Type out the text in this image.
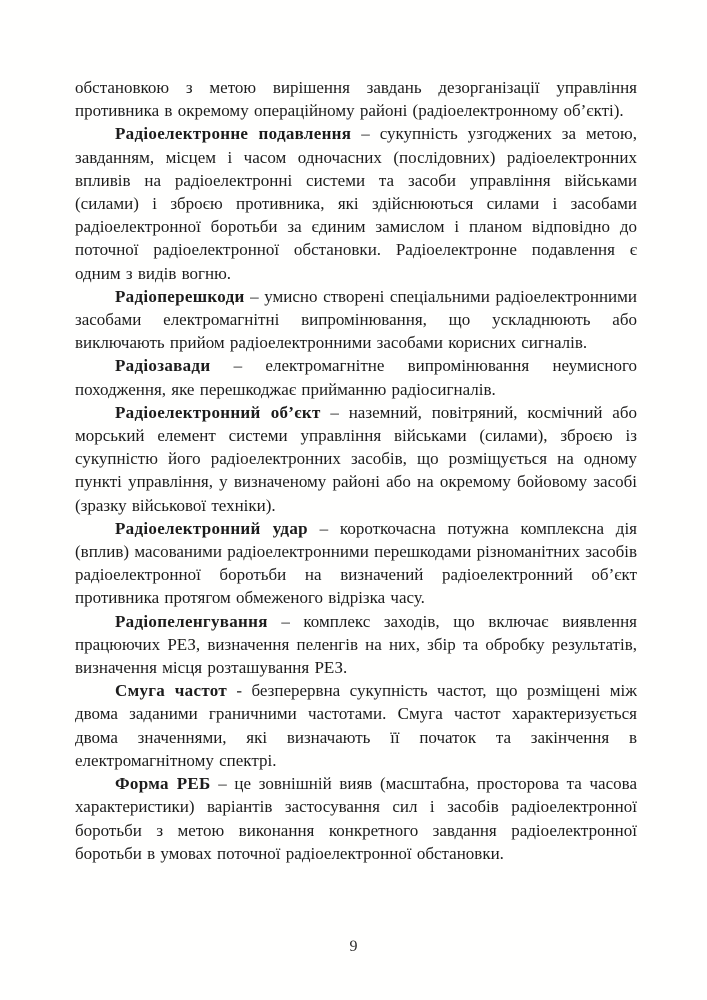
обстановкою з метою вирішення завдань дезорганізації управління противника в окремому операційному районі (радіоелектронному об’єкті).

Радіоелектронне подавлення – сукупність узгоджених за метою, завданням, місцем і часом одночасних (послідовних) радіоелектронних впливів на радіоелектронні системи та засоби управління військами (силами) і зброєю противника, які здійснюються силами і засобами радіоелектронної боротьби за єдиним замислом і планом відповідно до поточної радіоелектронної обстановки. Радіоелектронне подавлення є одним з видів вогню.

Радіоперешкоди – умисно створені спеціальними радіоелектронними засобами електромагнітні випромінювання, що ускладнюють або виключають прийом радіоелектронними засобами корисних сигналів.

Радіозавади – електромагнітне випромінювання неумисного походження, яке перешкоджає прийманню радіосигналів.

Радіоелектронний об’єкт – наземний, повітряний, космічний або морський елемент системи управління військами (силами), зброєю із сукупністю його радіоелектронних засобів, що розміщується на одному пункті управління, у визначеному районі або на окремому бойовому засобі (зразку військової техніки).

Радіоелектронний удар – короткочасна потужна комплексна дія (вплив) масованими радіоелектронними перешкодами різноманітних засобів радіоелектронної боротьби на визначений радіоелектронний об’єкт противника протягом обмеженого відрізка часу.

Радіопеленгування – комплекс заходів, що включає виявлення працюючих РЕЗ, визначення пеленгів на них, збір та обробку результатів, визначення місця розташування РЕЗ.

Смуга частот - безперервна сукупність частот, що розміщені між двома заданими граничними частотами. Смуга частот характеризується двома значеннями, які визначають її початок та закінчення в електромагнітному спектрі.

Форма РЕБ – це зовнішній вияв (масштабна, просторова та часова характеристики) варіантів застосування сил і засобів радіоелектронної боротьби з метою виконання конкретного завдання радіоелектронної боротьби в умовах поточної радіоелектронної обстановки.

9
